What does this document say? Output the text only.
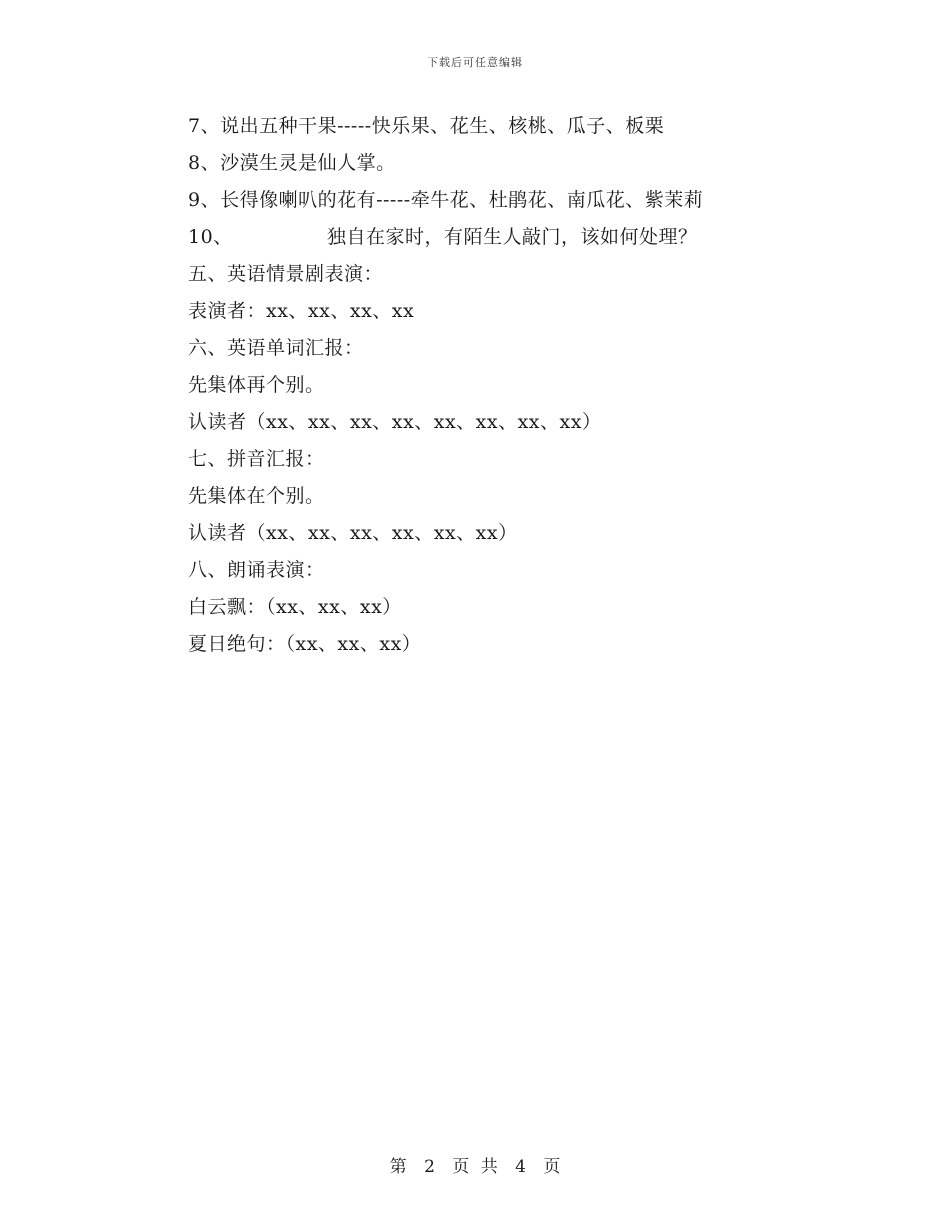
下载后可任意编辑
7、说出五种干果-----快乐果、花生、核桃、瓜子、板栗
8、沙漠生灵是仙人掌。
9、长得像喇叭的花有-----牵牛花、杜鹃花、南瓜花、紫茉莉
10、	独自在家时，有陌生人敲门，该如何处理？
五、英语情景剧表演：
表演者：xx、xx、xx、xx
六、英语单词汇报：
先集体再个别。
认读者（xx、xx、xx、xx、xx、xx、xx、xx）
七、拼音汇报：
先集体在个别。
认读者（xx、xx、xx、xx、xx、xx）
八、朗诵表演：
白云飘：（xx、xx、xx）
夏日绝句：（xx、xx、xx）
第 2 页 共 4 页
